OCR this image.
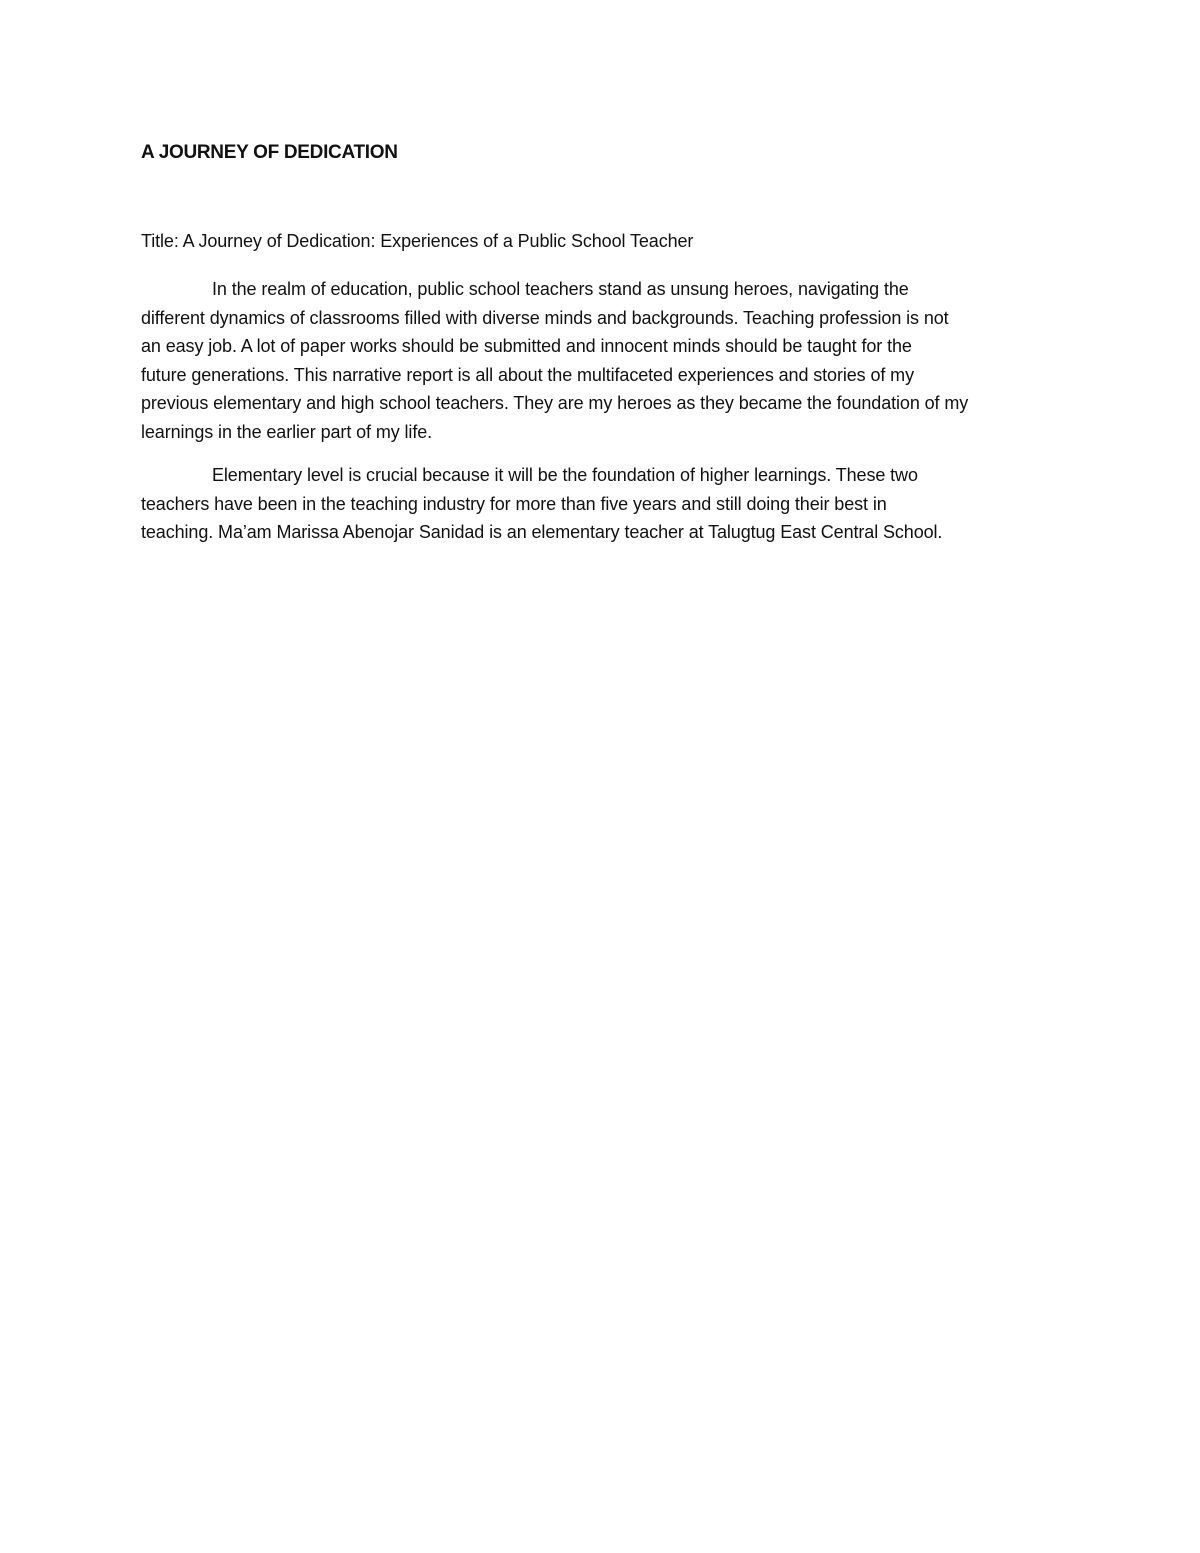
A JOURNEY OF DEDICATION

Title: A Journey of Dedication: Experiences of a Public School Teacher

In the realm of education, public school teachers stand as unsung heroes, navigating the
different dynamics of classrooms filled with diverse minds and backgrounds. Teaching profession is not
an easy job. A lot of paper works should be submitted and innocent minds should be taught for the
future generations. This narrative report is all about the multifaceted experiences and stories of my
previous elementary and high school teachers. They are my heroes as they became the foundation of my
learnings in the earlier part of my life.

Elementary level is crucial because it will be the foundation of higher learnings. These two
teachers have been in the teaching industry for more than five years and still doing their best in
teaching. Ma’am Marissa Abenojar Sanidad is an elementary teacher at Talugtug East Central School.
